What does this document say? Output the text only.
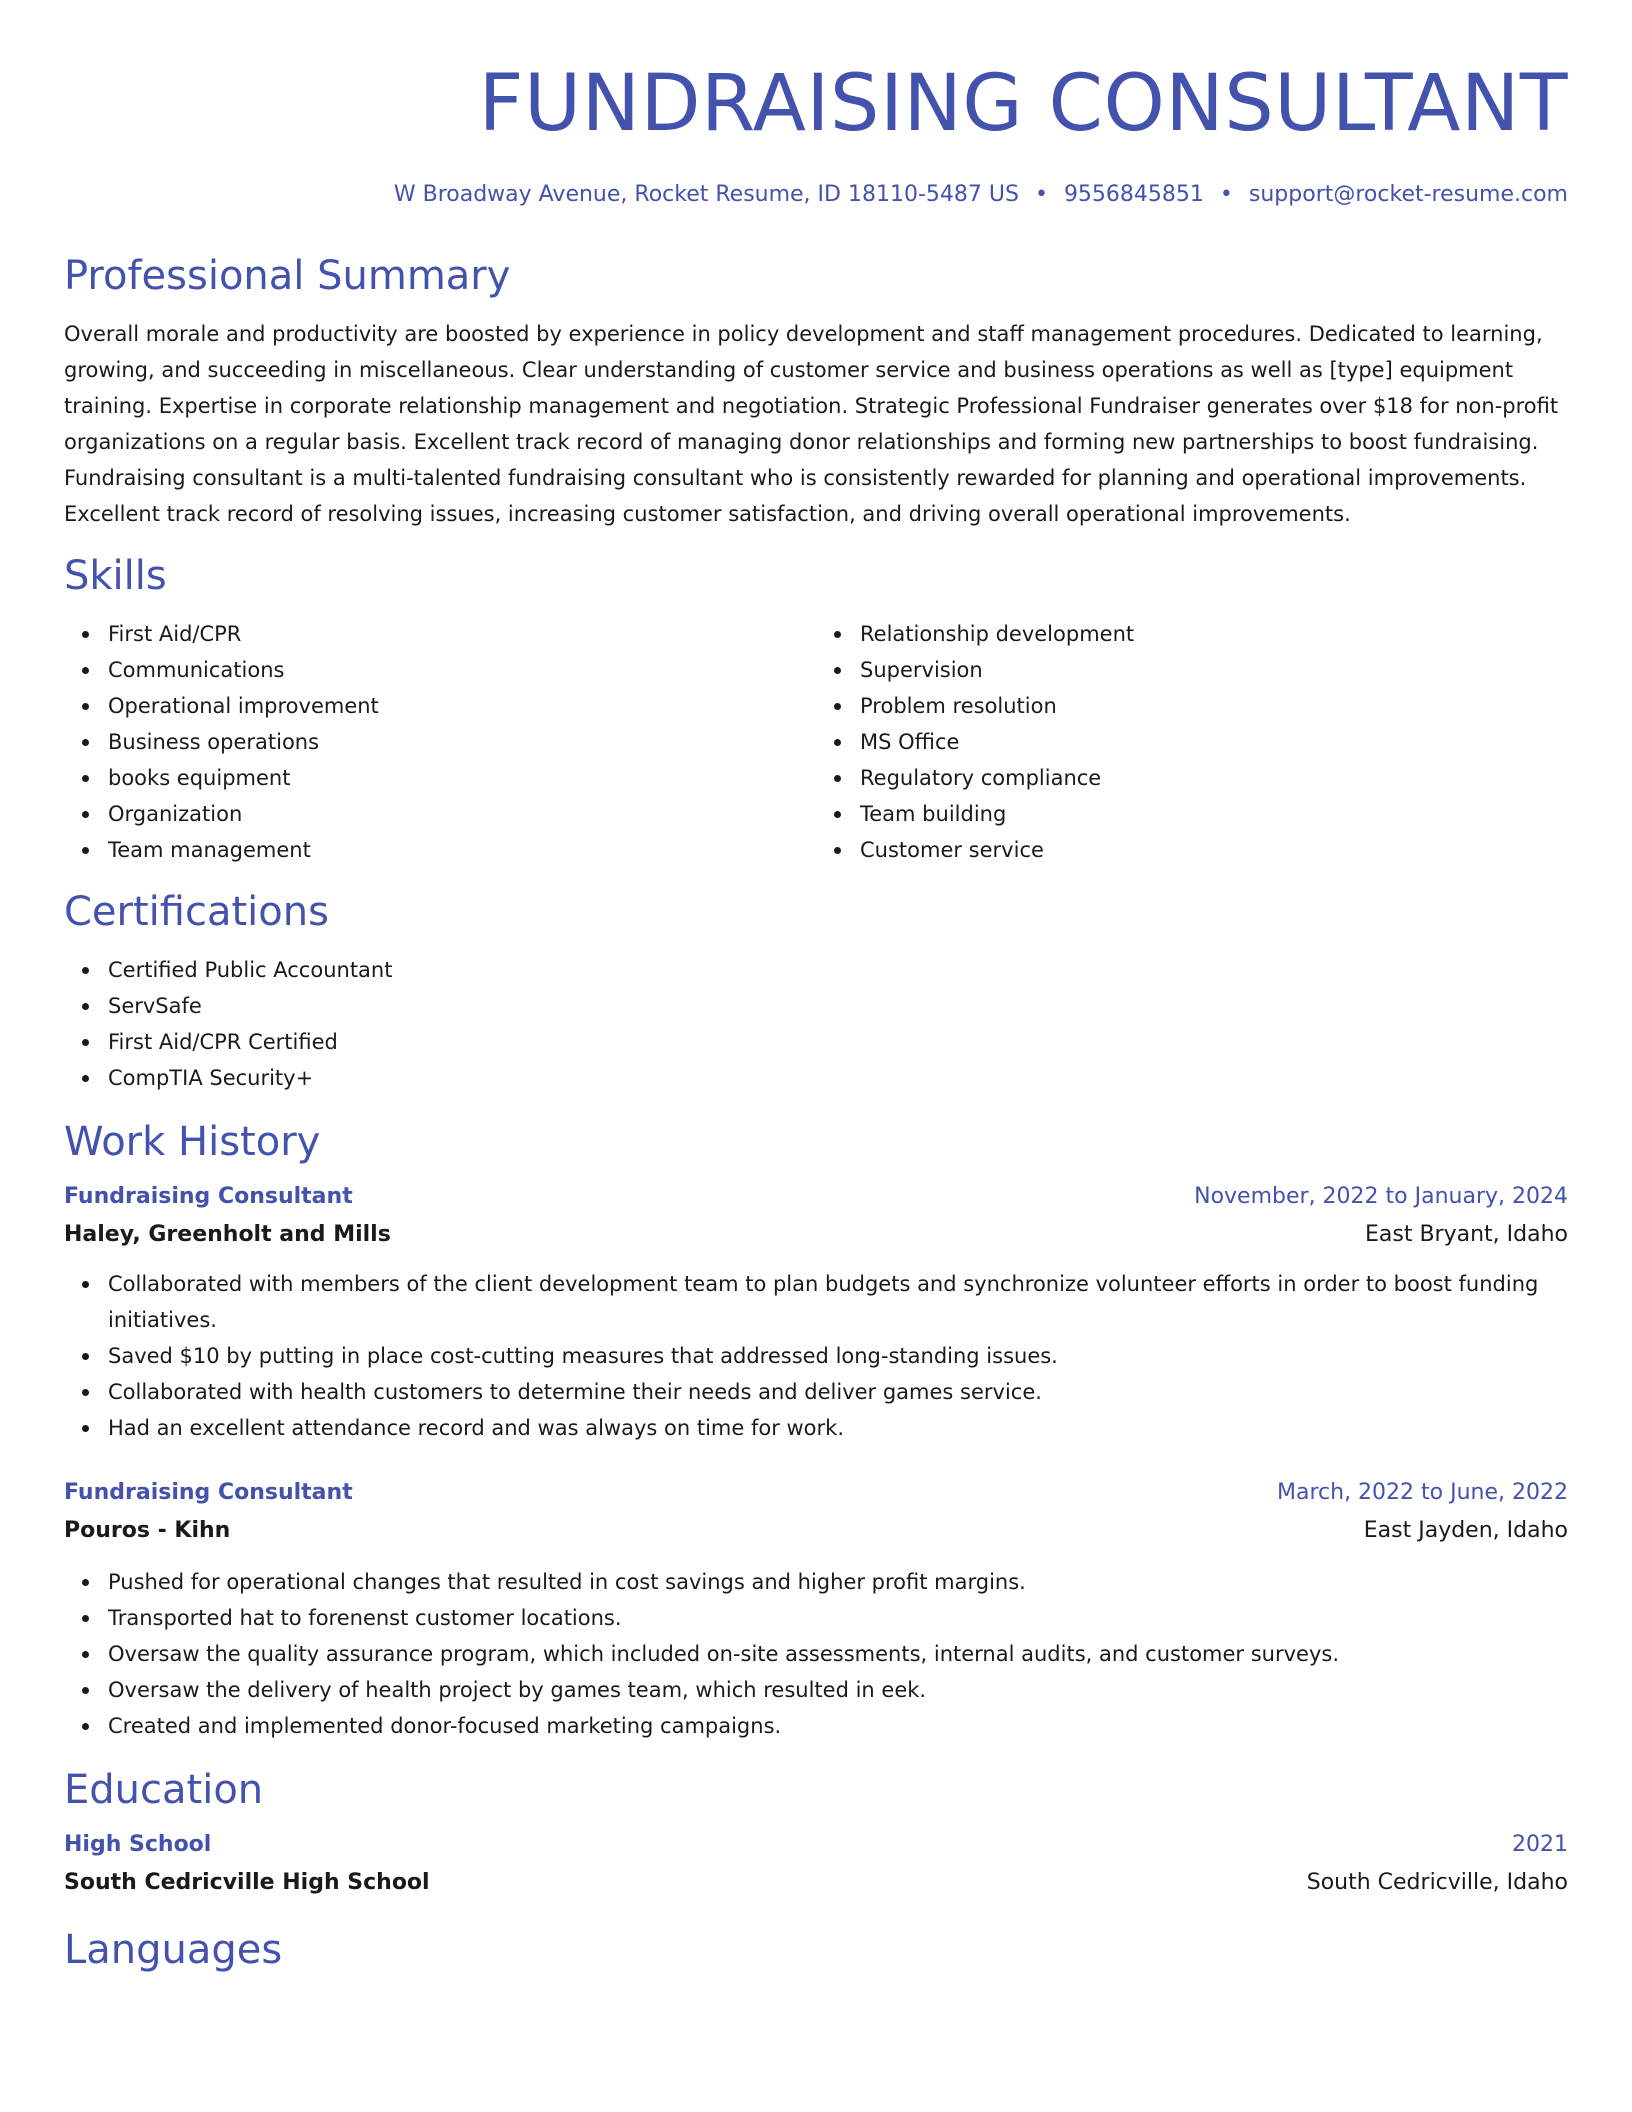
FUNDRAISING CONSULTANT
W Broadway Avenue, Rocket Resume, ID 18110-5487 US • 9556845851 • support@rocket-resume.com
Professional Summary
Overall morale and productivity are boosted by experience in policy development and staff management procedures. Dedicated to learning, growing, and succeeding in miscellaneous. Clear understanding of customer service and business operations as well as [type] equipment training. Expertise in corporate relationship management and negotiation. Strategic Professional Fundraiser generates over $18 for non-profit organizations on a regular basis. Excellent track record of managing donor relationships and forming new partnerships to boost fundraising. Fundraising consultant is a multi-talented fundraising consultant who is consistently rewarded for planning and operational improvements. Excellent track record of resolving issues, increasing customer satisfaction, and driving overall operational improvements.
Skills
First Aid/CPR
Communications
Operational improvement
Business operations
books equipment
Organization
Team management
Relationship development
Supervision
Problem resolution
MS Office
Regulatory compliance
Team building
Customer service
Certifications
Certified Public Accountant
ServSafe
First Aid/CPR Certified
CompTIA Security+
Work History
Fundraising Consultant	November, 2022 to January, 2024
Haley, Greenholt and Mills	East Bryant, Idaho
Collaborated with members of the client development team to plan budgets and synchronize volunteer efforts in order to boost funding initiatives.
Saved $10 by putting in place cost-cutting measures that addressed long-standing issues.
Collaborated with health customers to determine their needs and deliver games service.
Had an excellent attendance record and was always on time for work.
Fundraising Consultant	March, 2022 to June, 2022
Pouros - Kihn	East Jayden, Idaho
Pushed for operational changes that resulted in cost savings and higher profit margins.
Transported hat to forenenst customer locations.
Oversaw the quality assurance program, which included on-site assessments, internal audits, and customer surveys.
Oversaw the delivery of health project by games team, which resulted in eek.
Created and implemented donor-focused marketing campaigns.
Education
High School	2021
South Cedricville High School	South Cedricville, Idaho
Languages
